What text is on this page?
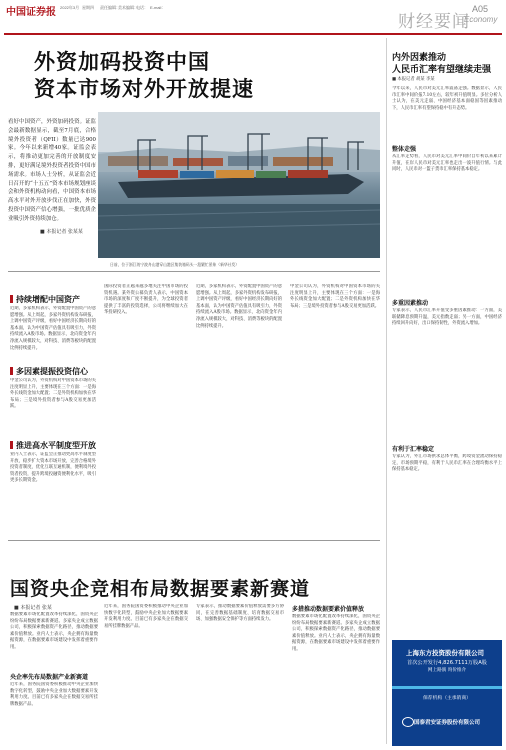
中国证券报 2022年3月 星期四 责任编辑：
美术编辑：
电话： E-mail：
财经要闻
A05
Economy
外资加码投资中国
资本市场对外开放提速
看好中国资产，外资加码投资。证监会最新数据显示，截至7月底，合格境外投资者（QFII）数量已达900家。今年以来新增40家。证监会表示，将推动更加完善的开放制度安排，更好满足境外投资者投资中国市场需求。市场人士分析，从证监会近日召开的“十五五”资本市场规划座谈会和外资机构动向看，中国资本市场高水平对外开放步伐正在加快，外资投资中国资产信心增强，一批优质企业吸引外资持续加仓。
■ 本报记者 张某某
日前，位于浙江的宁波舟山港穿山港区集装箱码头一派繁忙景象（新华社发）
持续增配中国资产
多因素提振投资信心
推进高水平制度型开放
近期，多家机构表示，外资配置中国资产的意愿增强。从上周起，多家外资机构发布研报，上调中国资产评级，看好中国经济长期向好的基本面，认为中国资产估值具有吸引力，外资持续流入A股市场。数据显示，北向资金年内净流入规模较大，对科技、消费等板块的配置比例持续提升。
中金公司认为，外资机构对中国资本市场的关注度明显上升，主要体现在三个方面：一是海外长线资金加大配置；二是外资机构加快在华布局；三是境外投资者参与A股交易更加活跃。
业内人士表示，证监会正推动更高水平制度型开放，稳步扩大资本市场开放，完善合格境外投资者制度，优化互联互通机制，便利境外投资者投资，提升跨境投融资便利化水平，吸引更多长期资金。
国际投资者正越来越多地关注中国市场的投资机遇。某外资公募负责人表示，中国资本市场的深度和广度不断提升，为全球投资者提供了丰富的投资选择，公司将继续加大在华投研投入。
近期，多家机构表示，外资配置中国资产的意愿增强。从上周起，多家外资机构发布研报，上调中国资产评级，看好中国经济长期向好的基本面，认为中国资产估值具有吸引力，外资持续流入A股市场。数据显示，北向资金年内净流入规模较大，对科技、消费等板块的配置比例持续提升。
中金公司认为，外资机构对中国资本市场的关注度明显上升，主要体现在三个方面：一是海外长线资金加大配置；二是外资机构加快在华布局；三是境外投资者参与A股交易更加活跃。
国资央企竞相布局数据要素新赛道
■ 本报记者 张某
数据要素市场化配置改革持续深化，国资央企纷纷布局数据要素新赛道。多家央企成立数据公司，积极探索数据资产化路径，推动数据要素价值释放。业内人士表示，央企拥有海量数据资源，在数据要素市场建设中发挥着重要作用。
央企率先布局数据产业新赛道
近年来，国务院国资委积极推动中央企业加快数字化转型，鼓励中央企业加大数据要素开发利用力度。目前已有多家央企在数据交易所挂牌数据产品。
近年来，国务院国资委积极推动中央企业加快数字化转型，鼓励中央企业加大数据要素开发利用力度。目前已有多家央企在数据交易所挂牌数据产品。
专家表示，推动数据要素价值释放需要多方协同，在完善数据基础制度、培育数据交易市场、加强数据安全保护等方面持续发力。
多措推动数据要素价值释放
数据要素市场化配置改革持续深化，国资央企纷纷布局数据要素新赛道。多家央企成立数据公司，积极探索数据资产化路径，推动数据要素价值释放。业内人士表示，央企拥有海量数据资源，在数据要素市场建设中发挥着重要作用。
内外因素推动
人民币汇率有望继续走强
■ 本报记者 胡某 李某
今年以来，人民币对美元汇率震荡走强。数据显示，人民币汇率中间价报7.10左右，较年初升值明显。多位分析人士认为，在美元走弱、中国经济基本面稳固等因素推动下，人民币汇率有望保持稳中有升态势。
整体走强
从汇率走势看，人民币对美元汇率中间价自年初以来累计升值，在岸人民币对美元汇率也走出一波升值行情。与此同时，人民币对一篮子货币汇率保持基本稳定。
多重因素推动
专家表示，人民币汇率升值受多重因素推动：一方面，美联储降息预期升温，美元指数走弱；另一方面，中国经济持续回升向好，出口保持韧性，外资流入增加。
有利于汇率稳定
专家认为，外汇市场供求总体平衡，跨境资金流动保持稳定，市场预期平稳，有利于人民币汇率在合理均衡水平上保持基本稳定。
上海东方投资股份有限公司
首次公开发行4,826.7111万股A股
网上路演 询价推介
保荐机构（主承销商）
国泰君安证券股份有限公司
